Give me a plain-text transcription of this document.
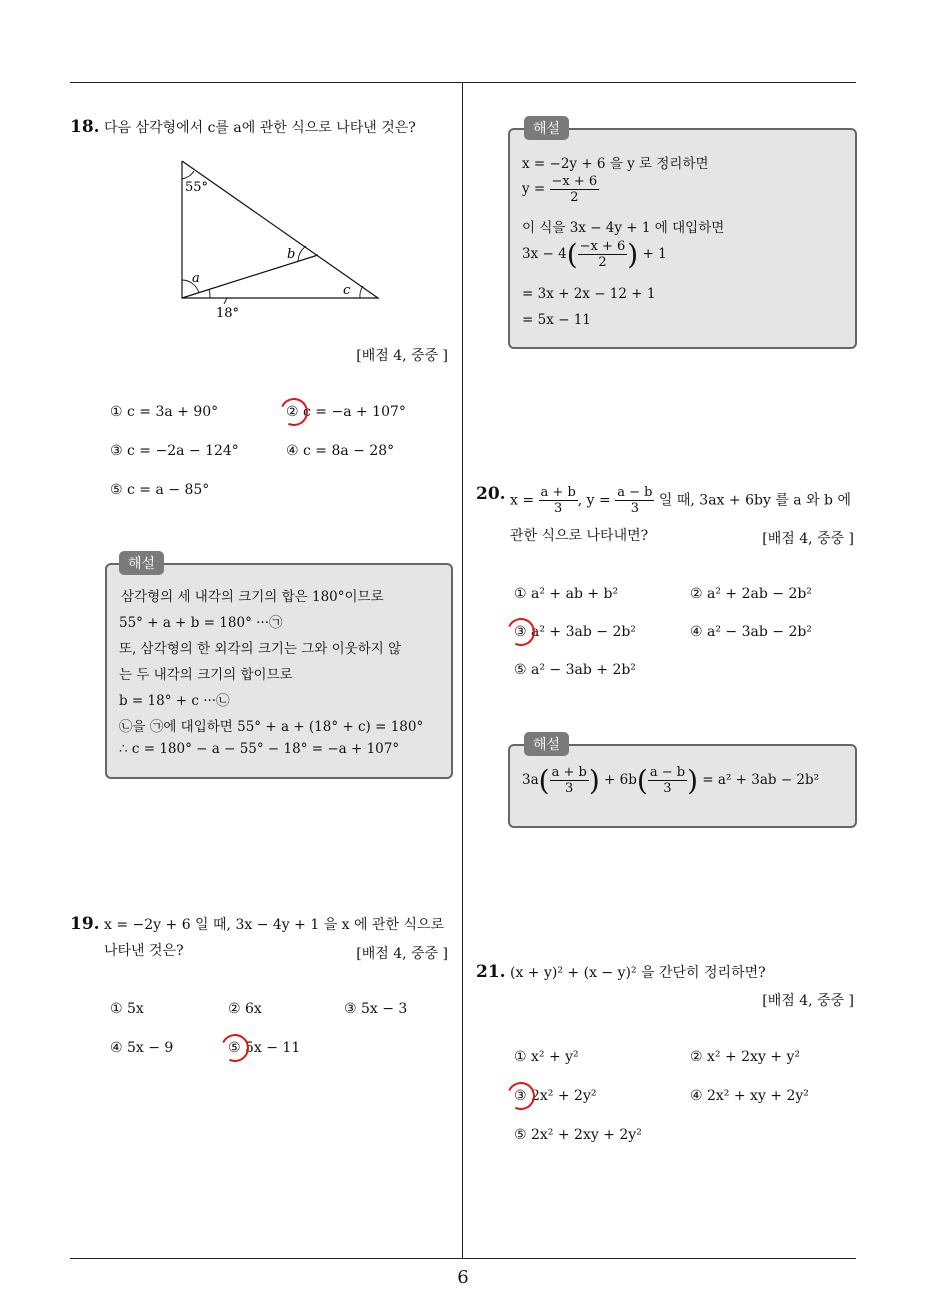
18. 다음 삼각형에서 c를 a에 관한 식으로 나타낸 것은?
55°
a
b
c
18°
[배점 4, 중중 ]
① c = 3a + 90°	② c = −a + 107°
③ c = −2a − 124°	④ c = 8a − 28°
⑤ c = a − 85°
해설
삼각형의 세 내각의 크기의 합은 180°이므로
55° + a + b = 180° ···㉠
또, 삼각형의 한 외각의 크기는 그와 이웃하지 않
는 두 내각의 크기의 합이므로
b = 18° + c ···㉡
㉡을 ㉠에 대입하면 55° + a + (18° + c) = 180°
∴ c = 180° − a − 55° − 18° = −a + 107°
19. x = −2y + 6 일 때, 3x − 4y + 1 을 x 에 관한 식으로
나타낸 것은?	[배점 4, 중중 ]
① 5x	② 6x	③ 5x − 3
④ 5x − 9	⑤ 5x − 11
해설
x = −2y + 6 을 y 로 정리하면
$y = \frac{-x + 6}{2}$
이 식을 3x − 4y + 1 에 대입하면
$3x - 4( \frac{-x + 6}{2}$ ) + 1
= 3x + 2x − 12 + 1
= 5x − 11
20. $x = \frac{a + b}{3}$ , $y = \frac{a - b}{3}$ 일 때, 3ax + 6by 를 a 와 b 에
관한 식으로 나타내면?	[배점 4, 중중 ]
① a² + ab + b²	② a² + 2ab − 2b²
③ a² + 3ab − 2b²	④ a² − 3ab − 2b²
⑤ a² − 3ab + 2b²
해설
$3a( \frac{a + b}{3}$ ) + $6b( \frac{a - b}{3}$ ) = a² + 3ab − 2b²
21. (x + y)² + (x − y)² 을 간단히 정리하면?
[배점 4, 중중 ]
① x² + y²	② x² + 2xy + y²
③ 2x² + 2y²	④ 2x² + xy + 2y²
⑤ 2x² + 2xy + 2y²
6
